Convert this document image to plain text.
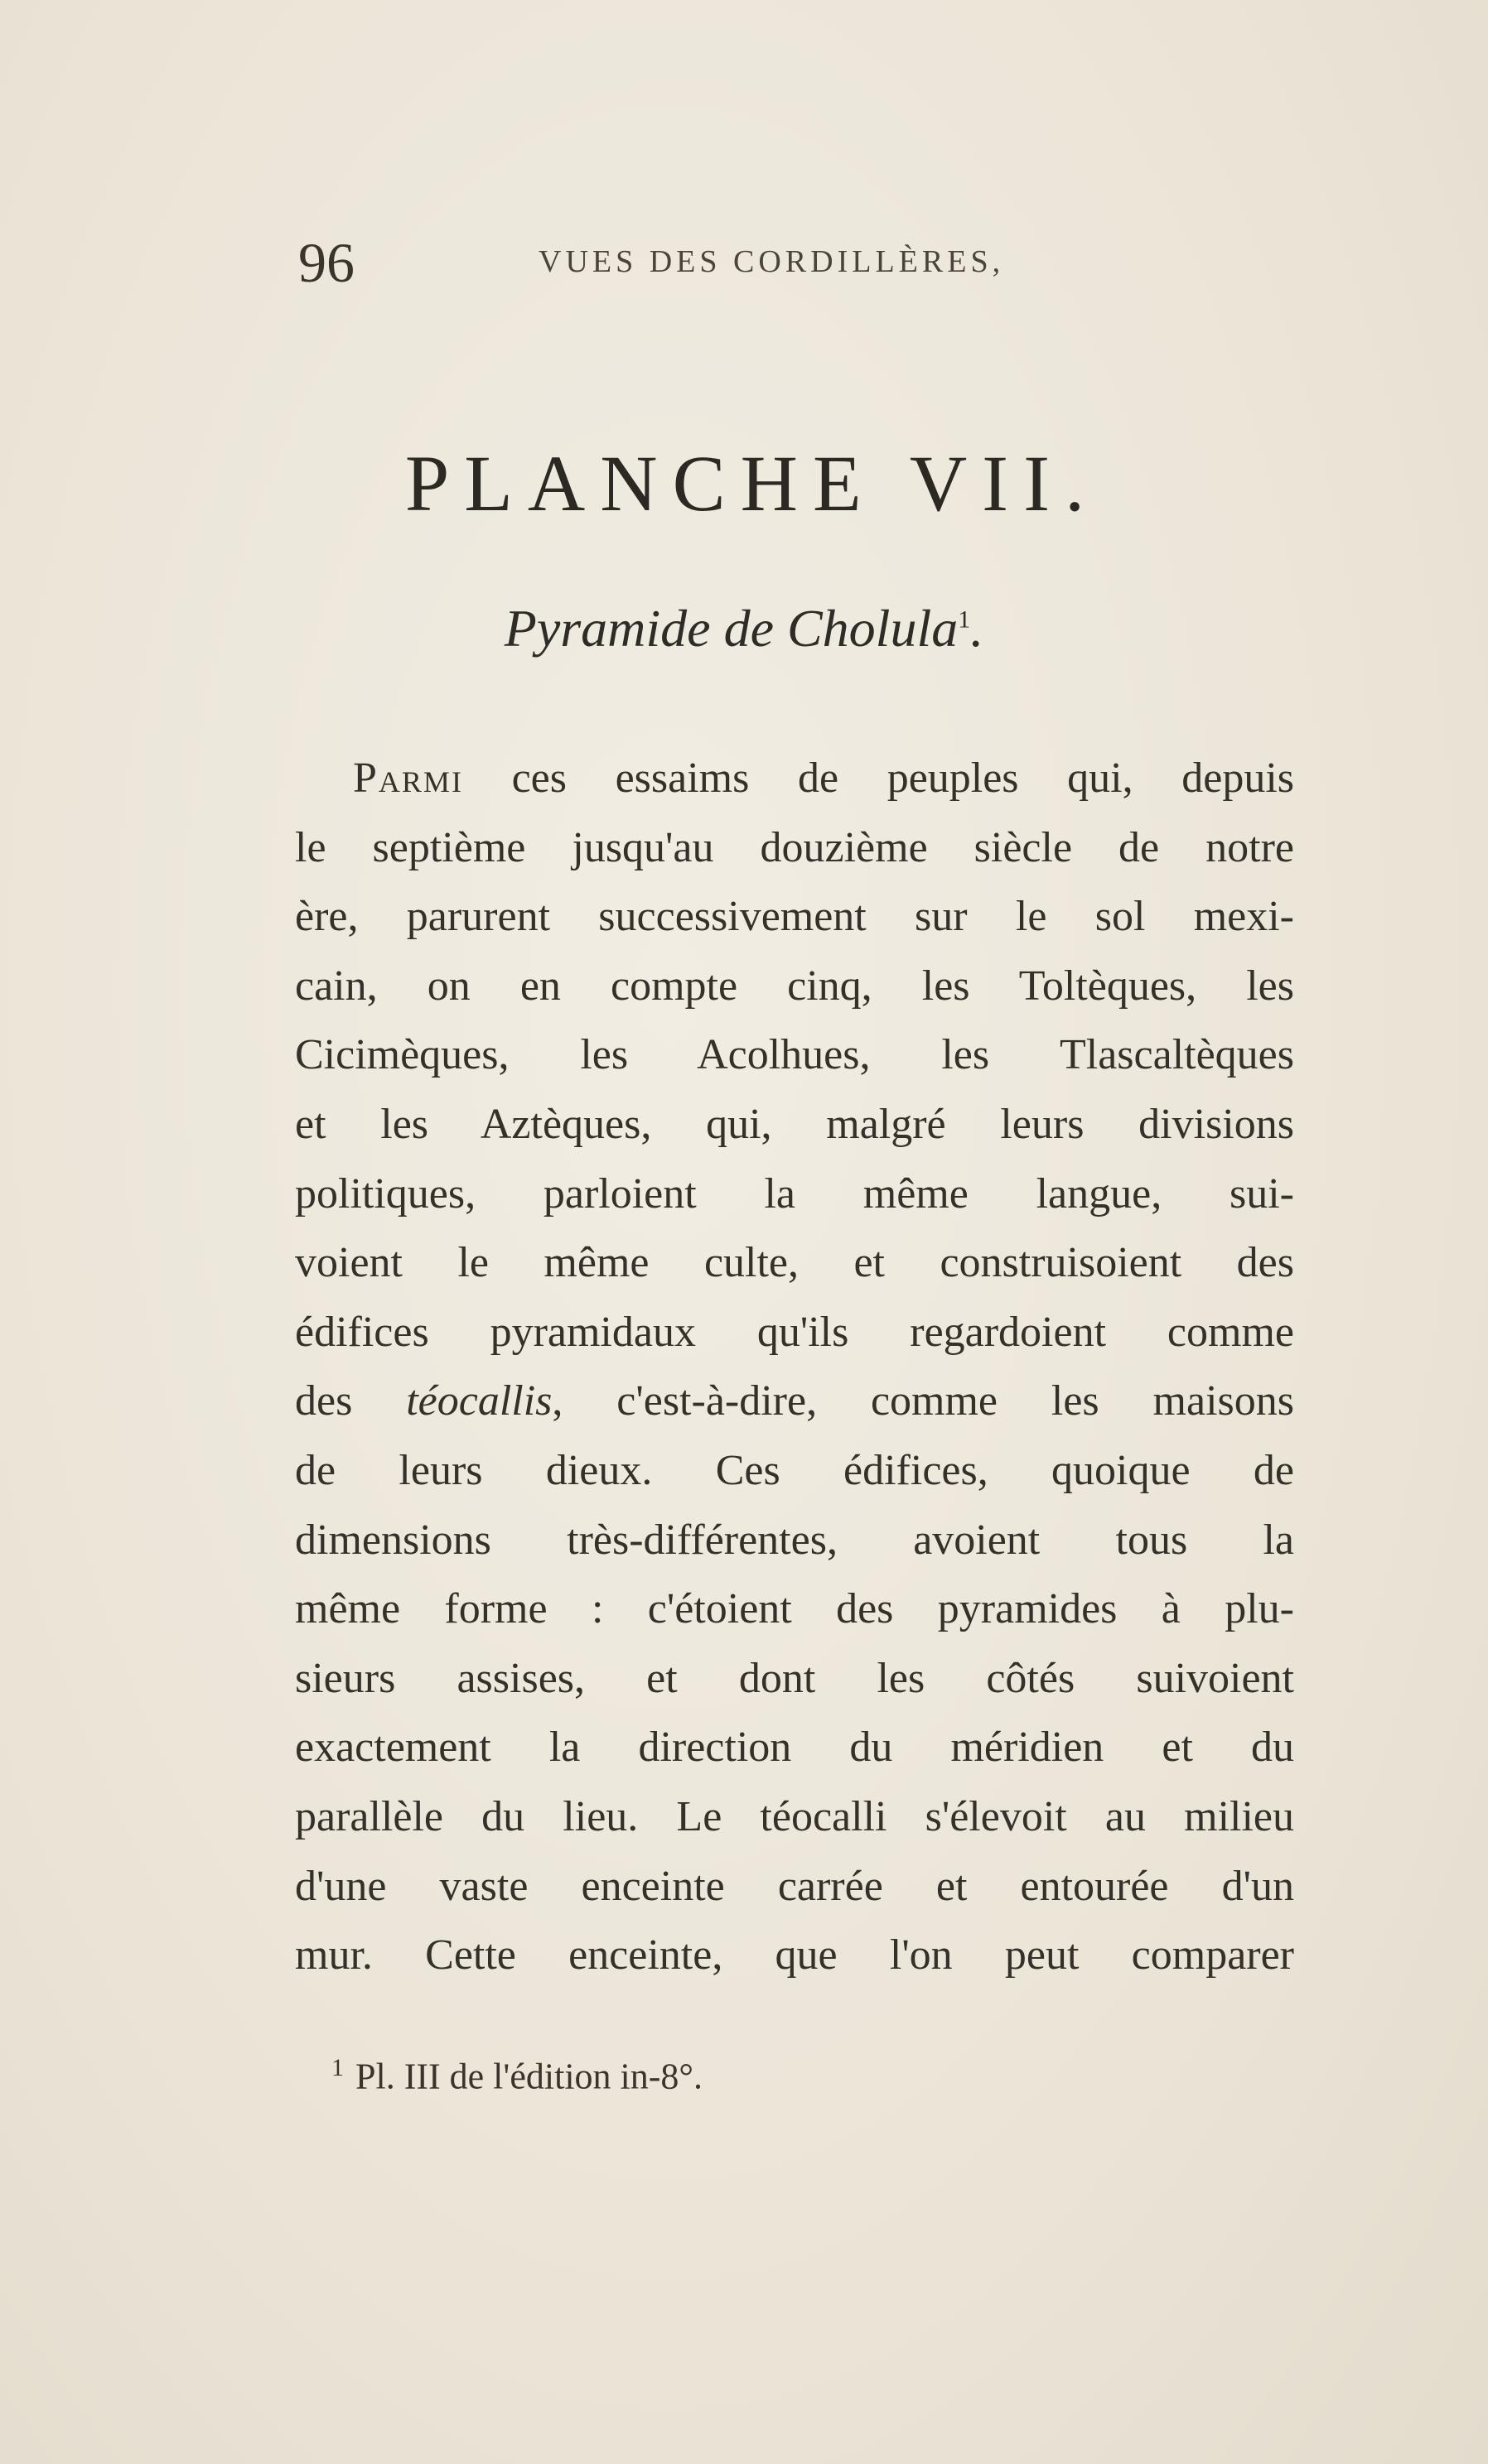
96	VUES DES CORDILLÈRES,
PLANCHE VII.
Pyramide de Cholula$^1$.
Parmi ces essaims de peuples qui, depuis
le septième jusqu'au douzième siècle de notre
ère, parurent successivement sur le sol mexi-
cain, on en compte cinq, les Toltèques, les
Cicimèques, les Acolhues, les Tlascaltèques
et les Aztèques, qui, malgré leurs divisions
politiques, parloient la même langue, sui-
voient le même culte, et construisoient des
édifices pyramidaux qu'ils regardoient comme
des téocallis, c'est-à-dire, comme les maisons
de leurs dieux. Ces édifices, quoique de
dimensions très-différentes, avoient tous la
même forme : c'étoient des pyramides à plu-
sieurs assises, et dont les côtés suivoient
exactement la direction du méridien et du
parallèle du lieu. Le téocalli s'élevoit au milieu
d'une vaste enceinte carrée et entourée d'un
mur. Cette enceinte, que l'on peut comparer
$^1$ Pl. III de l'édition in-8°.
